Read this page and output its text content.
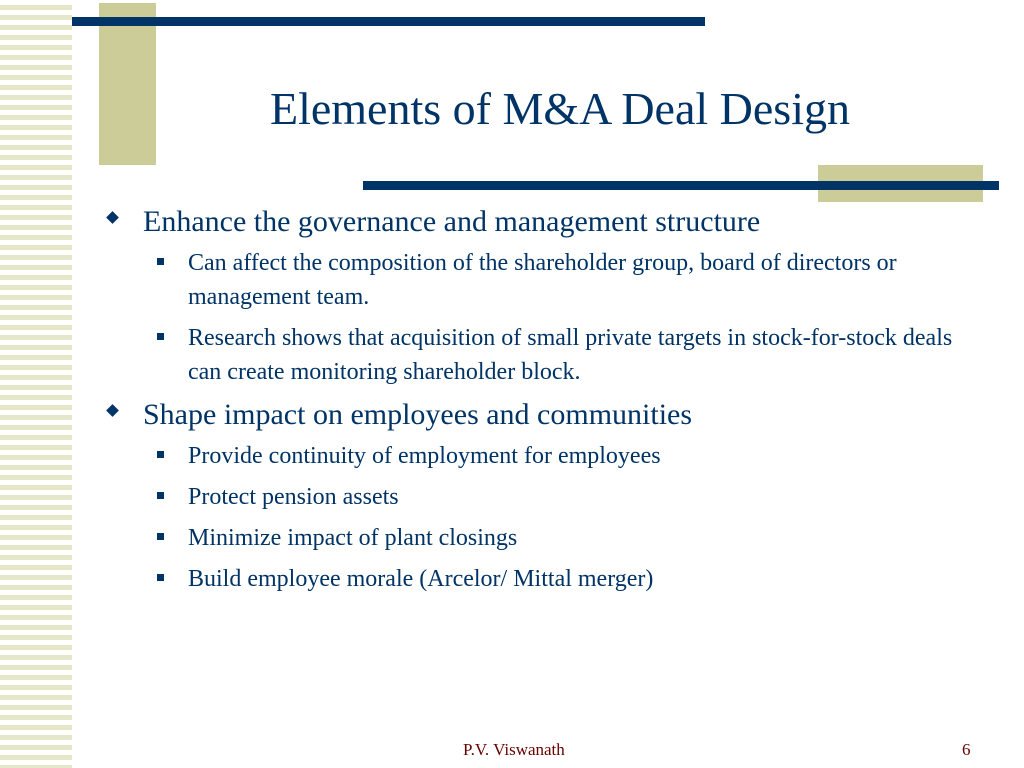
Elements of M&A Deal Design
Enhance the governance and management structure
Can affect the composition of the shareholder group, board of directors or management team.
Research shows that acquisition of small private targets in stock-for-stock deals can create monitoring shareholder block.
Shape impact on employees and communities
Provide continuity of employment for employees
Protect pension assets
Minimize impact of plant closings
Build employee morale (Arcelor/ Mittal merger)
P.V. Viswanath	6
